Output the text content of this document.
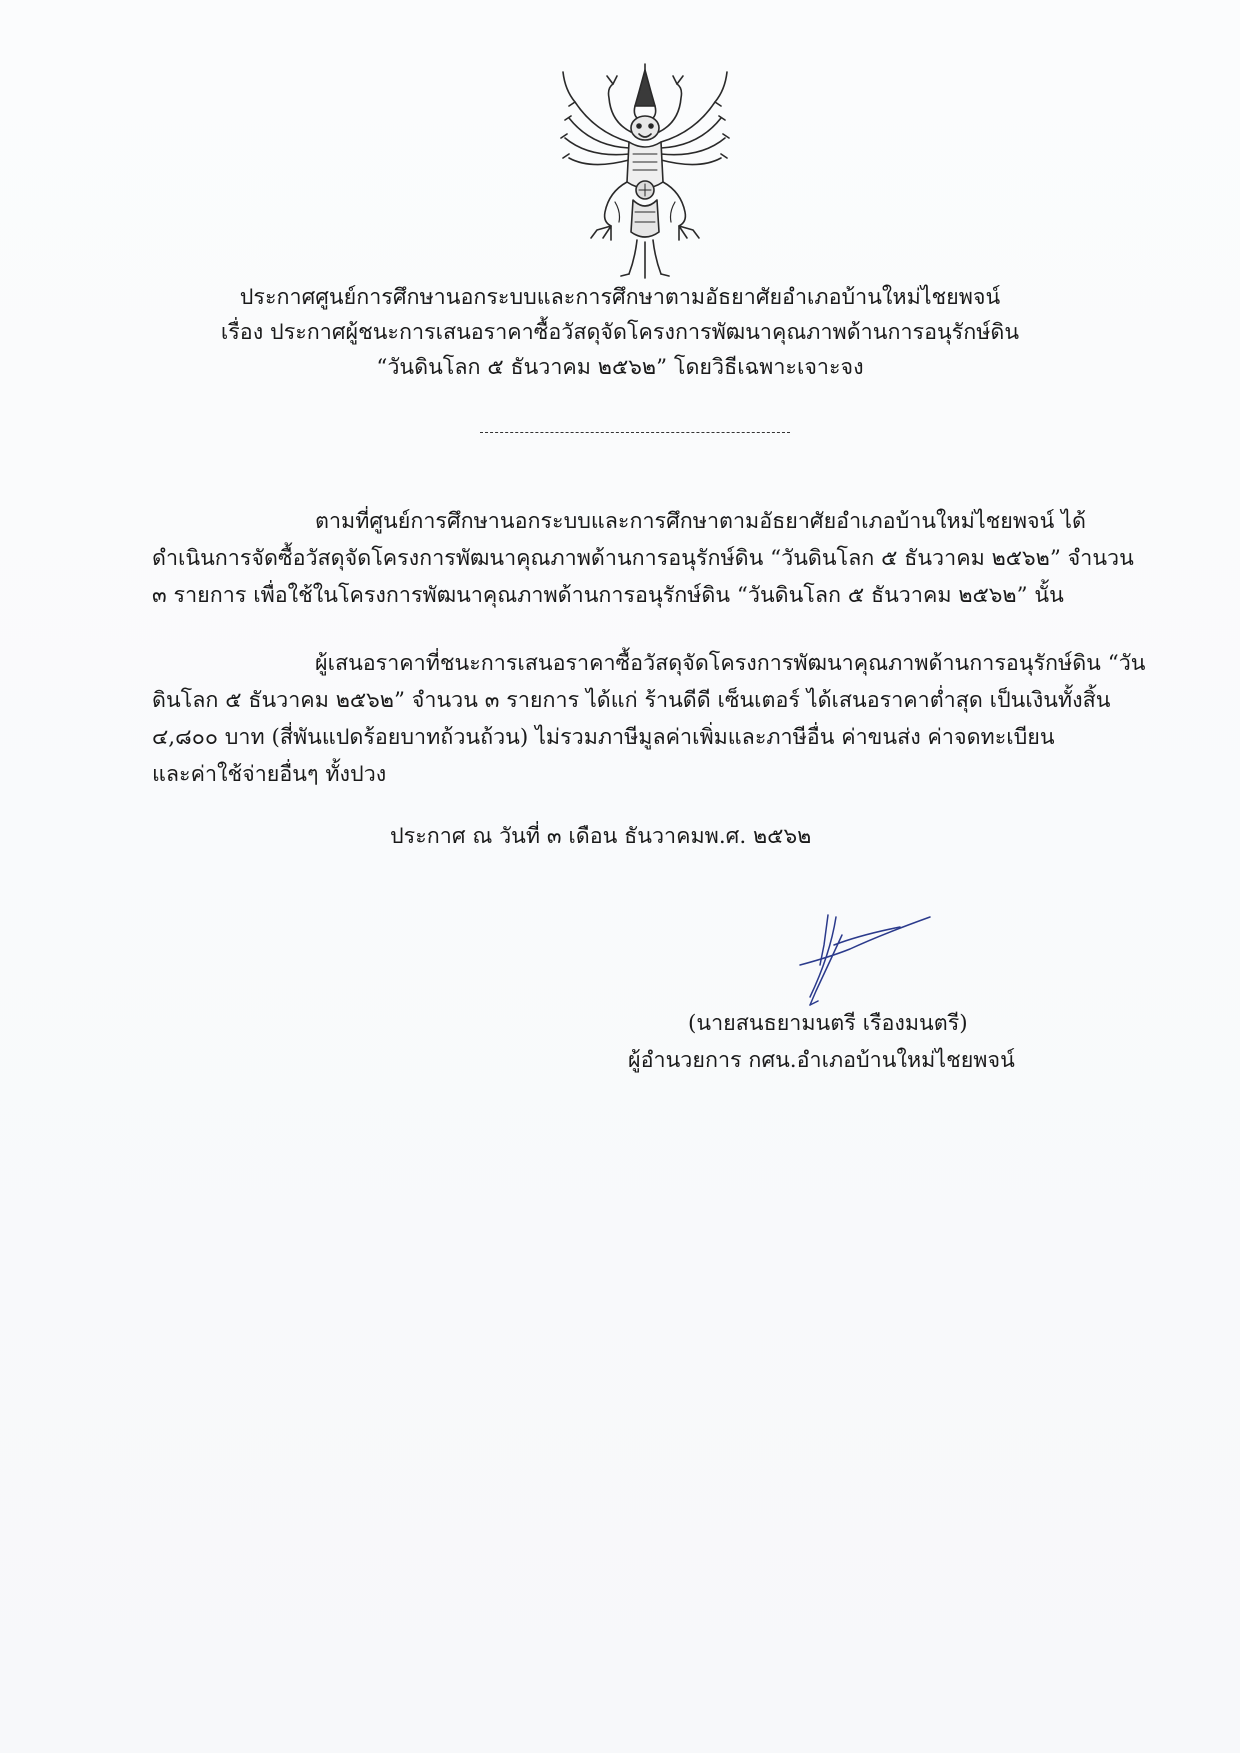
ประกาศศูนย์การศึกษานอกระบบและการศึกษาตามอัธยาศัยอำเภอบ้านใหม่ไชยพจน์
เรื่อง ประกาศผู้ชนะการเสนอราคาซื้อวัสดุจัดโครงการพัฒนาคุณภาพด้านการอนุรักษ์ดิน
“วันดินโลก ๕ ธันวาคม ๒๕๖๒” โดยวิธีเฉพาะเจาะจง
ตามที่ศูนย์การศึกษานอกระบบและการศึกษาตามอัธยาศัยอำเภอบ้านใหม่ไชยพจน์ ได้
ดำเนินการจัดซื้อวัสดุจัดโครงการพัฒนาคุณภาพด้านการอนุรักษ์ดิน “วันดินโลก ๕ ธันวาคม ๒๕๖๒” จำนวน
๓ รายการ เพื่อใช้ในโครงการพัฒนาคุณภาพด้านการอนุรักษ์ดิน “วันดินโลก ๕ ธันวาคม ๒๕๖๒” นั้น
ผู้เสนอราคาที่ชนะการเสนอราคาซื้อวัสดุจัดโครงการพัฒนาคุณภาพด้านการอนุรักษ์ดิน “วัน
ดินโลก ๕ ธันวาคม ๒๕๖๒” จำนวน ๓ รายการ ได้แก่ ร้านดีดี เซ็นเตอร์ ได้เสนอราคาต่ำสุด เป็นเงินทั้งสิ้น
๔,๘๐๐ บาท (สี่พันแปดร้อยบาทถ้วนถ้วน) ไม่รวมภาษีมูลค่าเพิ่มและภาษีอื่น ค่าขนส่ง ค่าจดทะเบียน
และค่าใช้จ่ายอื่นๆ ทั้งปวง
ประกาศ ณ วันที่ ๓ เดือน ธันวาคมพ.ศ. ๒๕๖๒
(นายสนธยามนตรี เรืองมนตรี)
ผู้อำนวยการ กศน.อำเภอบ้านใหม่ไชยพจน์
